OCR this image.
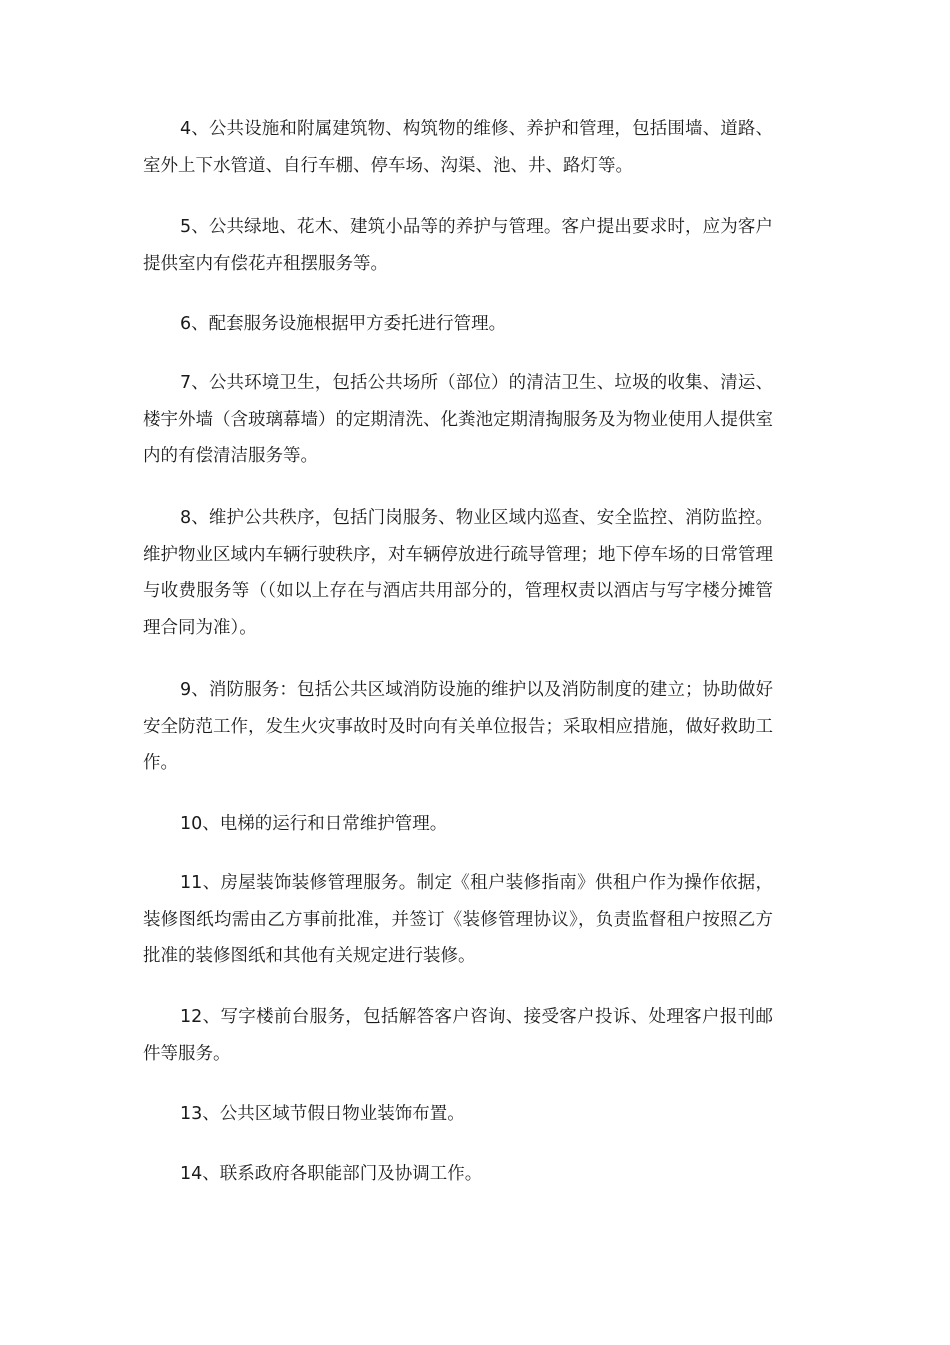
4、公共设施和附属建筑物、构筑物的维修、养护和管理，包括围墙、道路、室外上下水管道、自行车棚、停车场、沟渠、池、井、路灯等。

5、公共绿地、花木、建筑小品等的养护与管理。客户提出要求时，应为客户提供室内有偿花卉租摆服务等。

6、配套服务设施根据甲方委托进行管理。

7、公共环境卫生，包括公共场所（部位）的清洁卫生、垃圾的收集、清运、楼宇外墙（含玻璃幕墙）的定期清洗、化粪池定期清掏服务及为物业使用人提供室内的有偿清洁服务等。

8、维护公共秩序，包括门岗服务、物业区域内巡查、安全监控、消防监控。维护物业区域内车辆行驶秩序，对车辆停放进行疏导管理；地下停车场的日常管理与收费服务等（（如以上存在与酒店共用部分的，管理权责以酒店与写字楼分摊管理合同为准）。

9、消防服务：包括公共区域消防设施的维护以及消防制度的建立；协助做好安全防范工作，发生火灾事故时及时向有关单位报告；采取相应措施，做好救助工作。

10、电梯的运行和日常维护管理。

11、房屋装饰装修管理服务。制定《租户装修指南》供租户作为操作依据，装修图纸均需由乙方事前批准，并签订《装修管理协议》，负责监督租户按照乙方批准的装修图纸和其他有关规定进行装修。

12、写字楼前台服务，包括解答客户咨询、接受客户投诉、处理客户报刊邮件等服务。

13、公共区域节假日物业装饰布置。

14、联系政府各职能部门及协调工作。
